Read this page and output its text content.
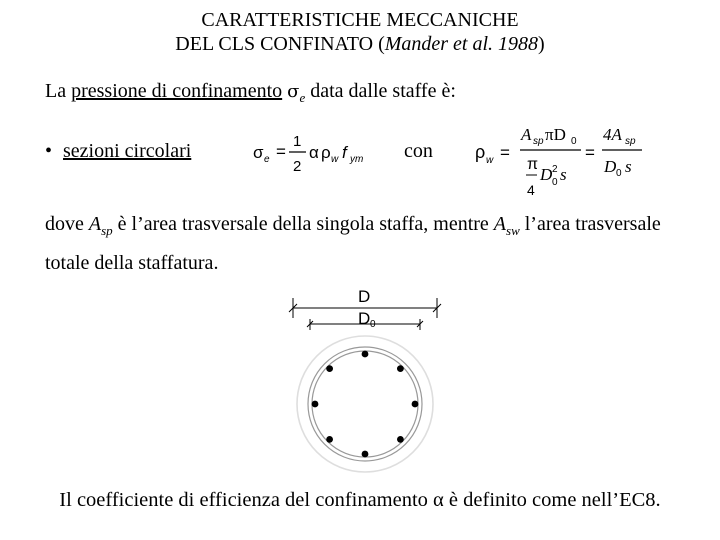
CARATTERISTICHE MECCANICHE
DEL CLS CONFINATO (Mander et al. 1988)
La pressione di confinamento $\sigma_e$ data dalle staffe è:
• sezioni circolari	σ e =
1
2
α ρ w f ym con ρ w =
A sp πD 0
π
4
D 2
0 s
=
4A sp
D 0 s
dove $A_{sp}$ è l’area trasversale della singola staffa, mentre $A_{sw}$ l’area trasversale totale della staffatura.
D
D 0
Il coefficiente di efficienza del confinamento α è definito come nell’EC8.
